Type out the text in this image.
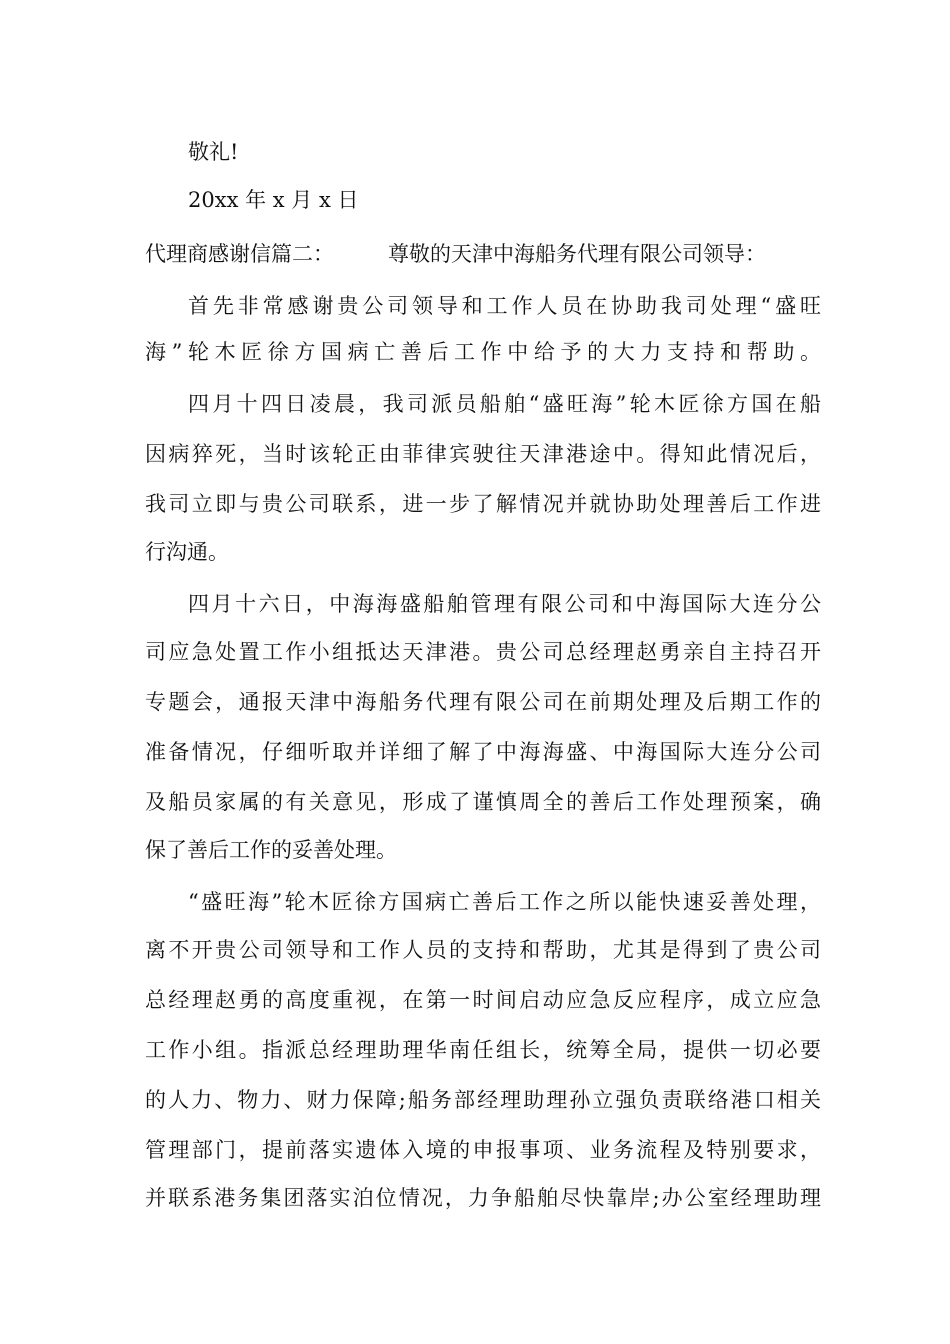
敬礼!
20xx 年 x 月 x 日
代理商感谢信篇二：	尊敬的天津中海船务代理有限公司领导：
首先非常感谢贵公司领导和工作人员在协助我司处理“盛旺
海”轮木匠徐方国病亡善后工作中给予的大力支持和帮助。
四月十四日凌晨，我司派员船舶“盛旺海”轮木匠徐方国在船
因病猝死，当时该轮正由菲律宾驶往天津港途中。得知此情况后，
我司立即与贵公司联系，进一步了解情况并就协助处理善后工作进
行沟通。
四月十六日，中海海盛船舶管理有限公司和中海国际大连分公
司应急处置工作小组抵达天津港。贵公司总经理赵勇亲自主持召开
专题会，通报天津中海船务代理有限公司在前期处理及后期工作的
准备情况，仔细听取并详细了解了中海海盛、中海国际大连分公司
及船员家属的有关意见，形成了谨慎周全的善后工作处理预案，确
保了善后工作的妥善处理。
“盛旺海”轮木匠徐方国病亡善后工作之所以能快速妥善处理，
离不开贵公司领导和工作人员的支持和帮助，尤其是得到了贵公司
总经理赵勇的高度重视，在第一时间启动应急反应程序，成立应急
工作小组。指派总经理助理华南任组长，统筹全局，提供一切必要
的人力、物力、财力保障;船务部经理助理孙立强负责联络港口相关
管理部门，提前落实遗体入境的申报事项、业务流程及特别要求，
并联系港务集团落实泊位情况，力争船舶尽快靠岸;办公室经理助理
